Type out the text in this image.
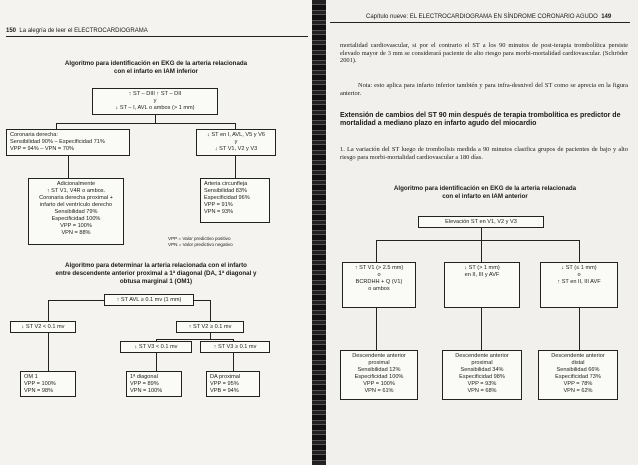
150 La alegría de leer el ELECTROCARDIOGRAMA
Algoritmo para identificación en EKG de la arteria relacionada
con el infarto en IAM inferior
↑ ST – DIII ↑ ST – DII
y
↓ ST – I, AVL o ambos (> 1 mm)
Coronaria derecha:
Sensibilidad 90% – Especificidad 71%
VPP = 94% – VPN = 70%
↓ ST en I, AVL, V5 y V6
y
↓ ST V1, V2 y V3
Adicionalmente
↑ ST V1, V4R o ambos.
Coronaria derecha proximal +
infarto del ventrículo derecho
Sensibilidad 79%
Especificidad 100%
VPP = 100%
VPN = 88%
Arteria circunfleja
Sensibilidad 83%
Especificidad 96%
VPP = 91%
VPN = 93%
VPP = Valor predictivo positivo
VPN = Valor predictivo negativo
Algoritmo para determinar la arteria relacionada con el infarto
entre descendente anterior proximal a 1ª diagonal (DA, 1ª diagonal y
obtusa marginal 1 (OM1)
↑ ST AVL ≥ 0.1 mv (1 mm)
↓ ST V2 < 0.1 mv	↑ ST V2 ≥ 0.1 mv
↓ ST V3 < 0.1 mv	↑ ST V3 ≥ 0.1 mv
OM 1
VPP = 100%
VPN = 98%
1ª diagonal
VPP = 89%
VPN = 100%
DA proximal
VPP = 95%
VPB = 94%
Capítulo nueve: EL ELECTROCARDIOGRAMA EN SÍNDROME CORONARIO AGUDO 149
mortalidad cardiovascular, si por el contrario el ST a los 90 minutos de post-terapia trombolítica persiste elevado mayor de 3 mm se considerará paciente de alto riesgo para morbi-mortalidad cardiovascular. (Schröder 2001).
Nota: esto aplica para infarto inferior también y para infra-desnivel del ST como se aprecia en la figura anterior.
Extensión de cambios del ST 90 min después de terapia trombolítica es predictor de mortalidad a mediano plazo en infarto agudo del miocardio
1. La variación del ST luego de trombolisis medida a 90 minutos clasifica grupos de pacientes de bajo y alto riesgo para morbi-mortalidad cardiovascular a 180 días.
Algoritmo para identificación en EKG de la arteria relacionada
con el infarto en IAM anterior
Elevación ST en V1, V2 y V3
↑ ST V1 (> 2.5 mm)
o
BCRDHH + Q (V1)
o ambos
↓ ST (> 1 mm)
en II, III y AVF
↓ ST (≤ 1 mm)
o
↑ ST en II, III AVF
Descendente anterior
proximal
Sensibilidad 12%
Especificidad 100%
VPP = 100%
VPN = 61%
Descendente anterior
proximal
Sensibilidad 34%
Especificidad 98%
VPP = 93%
VPN = 68%
Descendente anterior
distal
Sensibilidad 66%
Especificidad 73%
VPP = 78%
VPN = 62%
